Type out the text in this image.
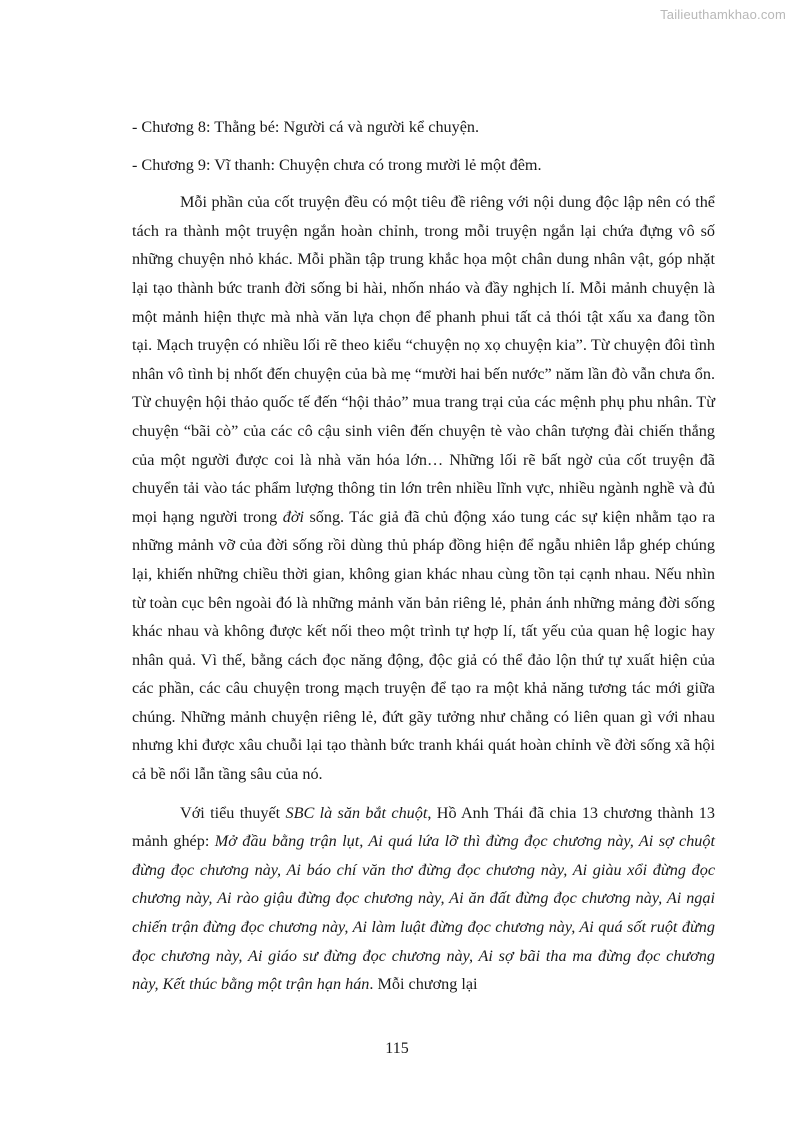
Tailieuthamkhao.com

- Chương 8: Thằng bé: Người cá và người kể chuyện.

- Chương 9: Vĩ thanh: Chuyện chưa có trong mười lẻ một đêm.

Mỗi phần của cốt truyện đều có một tiêu đề riêng với nội dung độc lập nên có thể tách ra thành một truyện ngắn hoàn chỉnh, trong mỗi truyện ngắn lại chứa đựng vô số những chuyện nhỏ khác. Mỗi phần tập trung khắc họa một chân dung nhân vật, góp nhặt lại tạo thành bức tranh đời sống bi hài, nhốn nháo và đầy nghịch lí. Mỗi mảnh chuyện là một mảnh hiện thực mà nhà văn lựa chọn để phanh phui tất cả thói tật xấu xa đang tồn tại. Mạch truyện có nhiều lối rẽ theo kiểu “chuyện nọ xọ chuyện kia”. Từ chuyện đôi tình nhân vô tình bị nhốt đến chuyện của bà mẹ “mười hai bến nước” năm lần đò vẫn chưa ổn. Từ chuyện hội thảo quốc tế đến “hội thảo” mua trang trại của các mệnh phụ phu nhân. Từ chuyện “bãi cò” của các cô cậu sinh viên đến chuyện tè vào chân tượng đài chiến thắng của một người được coi là nhà văn hóa lớn… Những lối rẽ bất ngờ của cốt truyện đã chuyển tải vào tác phẩm lượng thông tin lớn trên nhiều lĩnh vực, nhiều ngành nghề và đủ mọi hạng người trong đời sống. Tác giả đã chủ động xáo tung các sự kiện nhằm tạo ra những mảnh vỡ của đời sống rồi dùng thủ pháp đồng hiện để ngẫu nhiên lắp ghép chúng lại, khiến những chiều thời gian, không gian khác nhau cùng tồn tại cạnh nhau. Nếu nhìn từ toàn cục bên ngoài đó là những mảnh văn bản riêng lẻ, phản ánh những mảng đời sống khác nhau và không được kết nối theo một trình tự hợp lí, tất yếu của quan hệ logic hay nhân quả. Vì thế, bằng cách đọc năng động, độc giả có thể đảo lộn thứ tự xuất hiện của các phần, các câu chuyện trong mạch truyện để tạo ra một khả năng tương tác mới giữa chúng. Những mảnh chuyện riêng lẻ, đứt gãy tưởng như chẳng có liên quan gì với nhau nhưng khi được xâu chuỗi lại tạo thành bức tranh khái quát hoàn chỉnh về đời sống xã hội cả bề nổi lẫn tầng sâu của nó.

Với tiểu thuyết SBC là săn bắt chuột, Hồ Anh Thái đã chia 13 chương thành 13 mảnh ghép: Mở đầu bằng trận lụt, Ai quá lứa lỡ thì đừng đọc chương này, Ai sợ chuột đừng đọc chương này, Ai báo chí văn thơ đừng đọc chương này, Ai giàu xổi đừng đọc chương này, Ai rào giậu đừng đọc chương này, Ai ăn đất đừng đọc chương này, Ai ngại chiến trận đừng đọc chương này, Ai làm luật đừng đọc chương này, Ai quá sốt ruột đừng đọc chương này, Ai giáo sư đừng đọc chương này, Ai sợ bãi tha ma đừng đọc chương này, Kết thúc bằng một trận hạn hán. Mỗi chương lại

115
